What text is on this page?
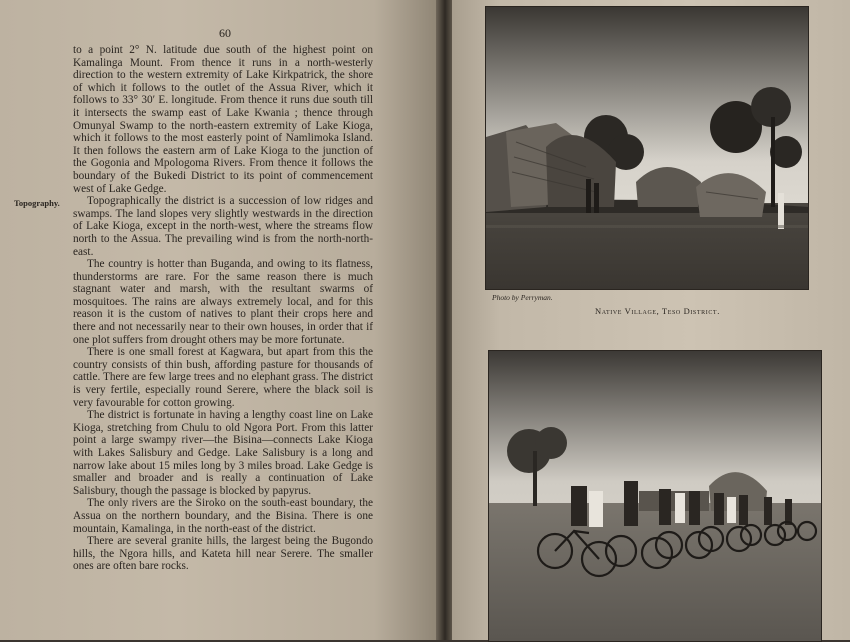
60
Topography.

to a point 2° N. latitude due south of the highest point on Kamalinga Mount. From thence it runs in a north-westerly direction to the western extremity of Lake Kirkpatrick, the shore of which it follows to the outlet of the Assua River, which it follows to 33° 30′ E. longitude. From thence it runs due south till it intersects the swamp east of Lake Kwania ; thence through Omunyal Swamp to the north-eastern extremity of Lake Kioga, which it follows to the most easterly point of Namlimoka Island. It then follows the eastern arm of Lake Kioga to the junction of the Gogonia and Mpologoma Rivers. From thence it follows the boundary of the Bukedi District to its point of commencement west of Lake Gedge.

Topographically the district is a succession of low ridges and swamps. The land slopes very slightly westwards in the direction of Lake Kioga, except in the north-west, where the streams flow north to the Assua. The prevailing wind is from the north-north-east.

The country is hotter than Buganda, and owing to its flatness, thunderstorms are rare. For the same reason there is much stagnant water and marsh, with the resultant swarms of mosquitoes. The rains are always extremely local, and for this reason it is the custom of natives to plant their crops here and there and not necessarily near to their own houses, in order that if one plot suffers from drought others may be more fortunate.

There is one small forest at Kagwara, but apart from this the country consists of thin bush, affording pasture for thousands of cattle. There are few large trees and no elephant grass. The district is very fertile, especially round Serere, where the black soil is very favourable for cotton growing.

The district is fortunate in having a lengthy coast line on Lake Kioga, stretching from Chulu to old Ngora Port. From this latter point a large swampy river—the Bisina—connects Lake Kioga with Lakes Salisbury and Gedge. Lake Salisbury is a long and narrow lake about 15 miles long by 3 miles broad. Lake Gedge is smaller and broader and is really a continuation of Lake Salisbury, though the passage is blocked by papyrus.

The only rivers are the Siroko on the south-east boundary, the Assua on the northern boundary, and the Bisina. There is one mountain, Kamalinga, in the north-east of the district.

There are several granite hills, the largest being the Bugondo hills, the Ngora hills, and Kateta hill near Serere. The smaller ones are often bare rocks.

Photo by Perryman.
Native Village, Teso District.
